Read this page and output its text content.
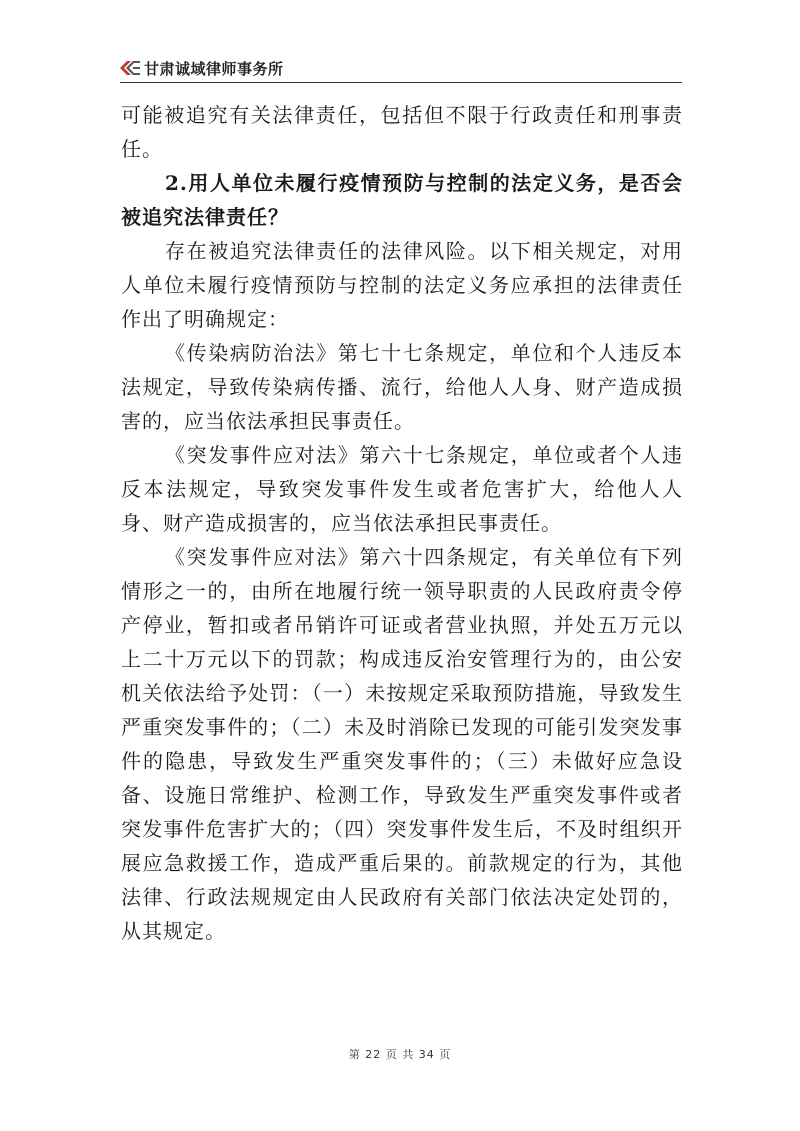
甘肃诚域律师事务所

可能被追究有关法律责任，包括但不限于行政责任和刑事责任。

2.用人单位未履行疫情预防与控制的法定义务，是否会被追究法律责任？

存在被追究法律责任的法律风险。以下相关规定，对用人单位未履行疫情预防与控制的法定义务应承担的法律责任作出了明确规定：

《传染病防治法》第七十七条规定，单位和个人违反本法规定，导致传染病传播、流行，给他人人身、财产造成损害的，应当依法承担民事责任。

《突发事件应对法》第六十七条规定，单位或者个人违反本法规定，导致突发事件发生或者危害扩大，给他人人身、财产造成损害的，应当依法承担民事责任。

《突发事件应对法》第六十四条规定，有关单位有下列情形之一的，由所在地履行统一领导职责的人民政府责令停产停业，暂扣或者吊销许可证或者营业执照，并处五万元以上二十万元以下的罚款；构成违反治安管理行为的，由公安机关依法给予处罚：（一）未按规定采取预防措施，导致发生严重突发事件的；（二）未及时消除已发现的可能引发突发事件的隐患，导致发生严重突发事件的；（三）未做好应急设备、设施日常维护、检测工作，导致发生严重突发事件或者突发事件危害扩大的；（四）突发事件发生后，不及时组织开展应急救援工作，造成严重后果的。前款规定的行为，其他法律、行政法规规定由人民政府有关部门依法决定处罚的，从其规定。

第 22 页 共 34 页
